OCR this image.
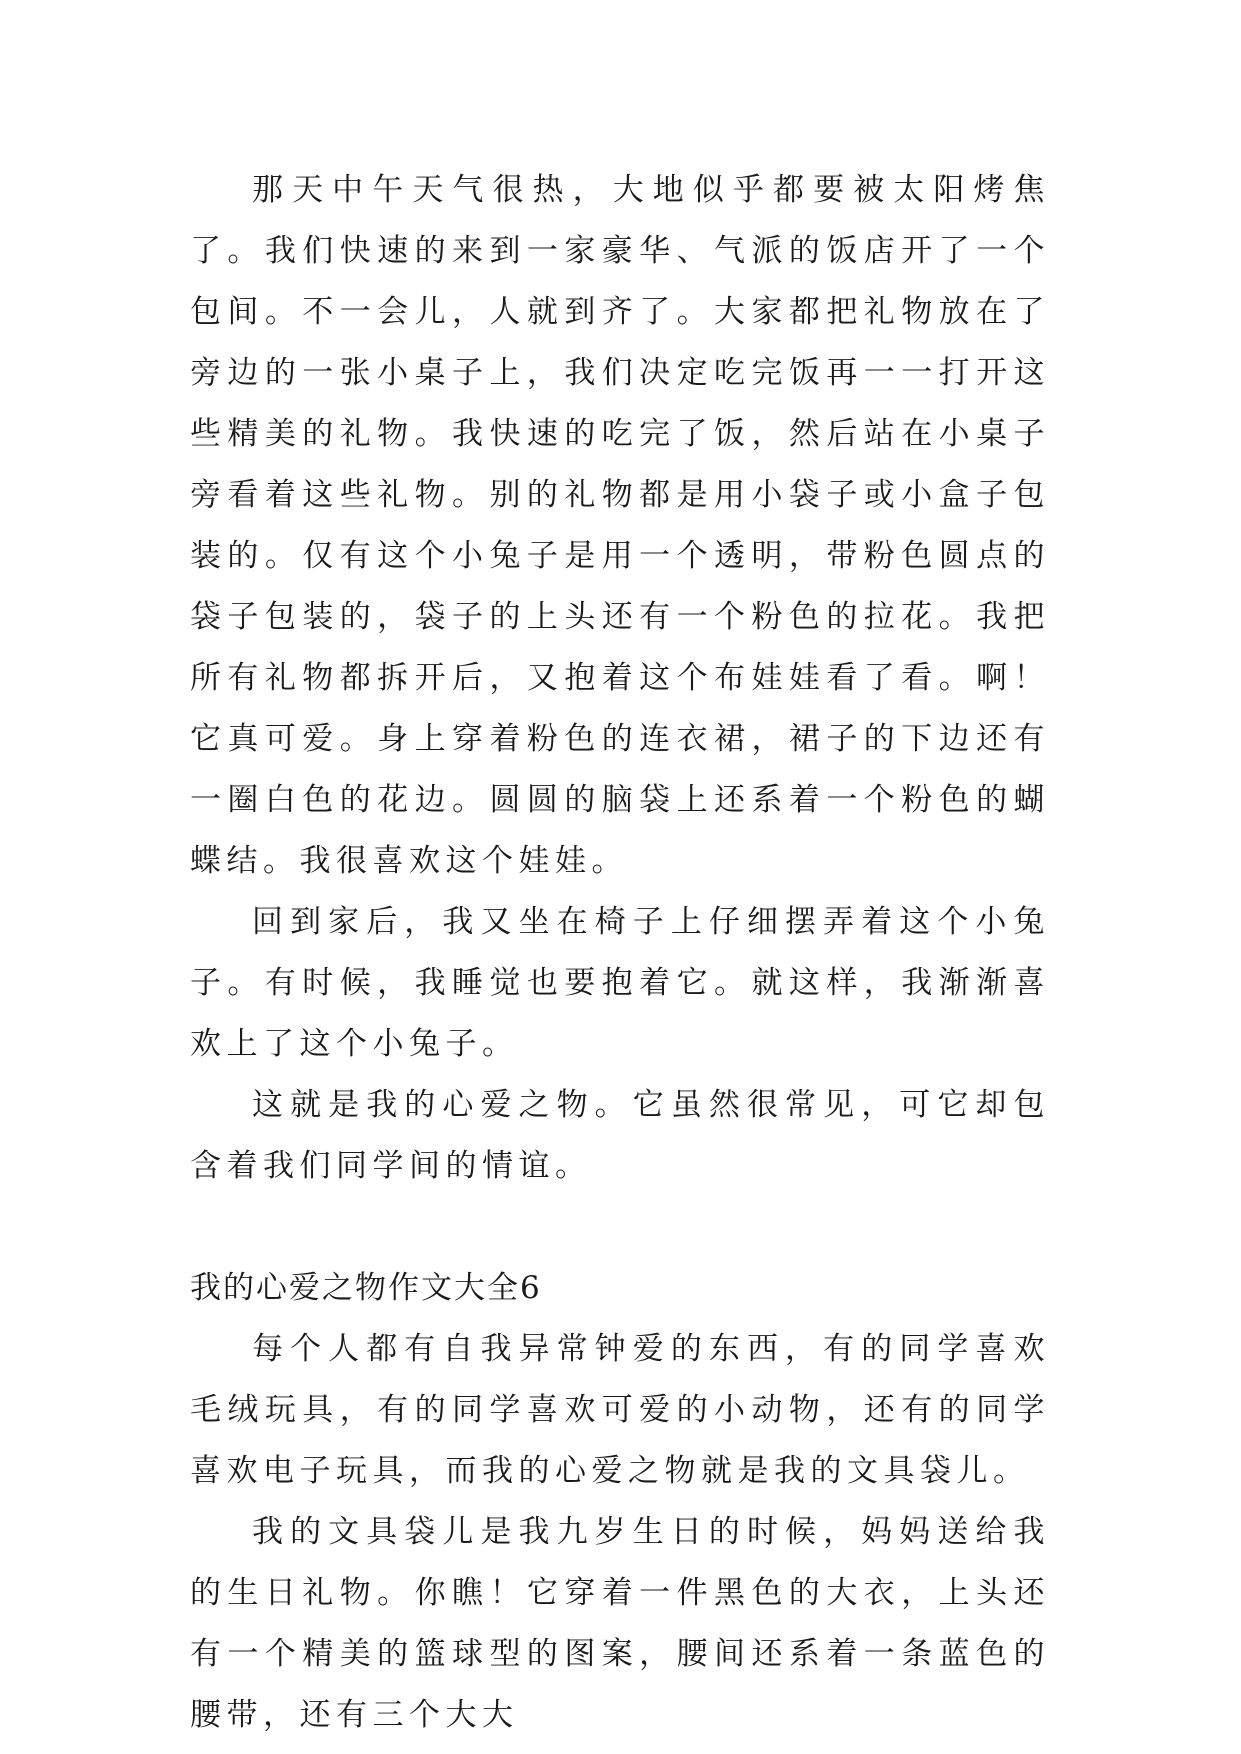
那天中午天气很热，大地似乎都要被太阳烤焦了。我们快速的来到一家豪华、气派的饭店开了一个包间。不一会儿，人就到齐了。大家都把礼物放在了旁边的一张小桌子上，我们决定吃完饭再一一打开这些精美的礼物。我快速的吃完了饭，然后站在小桌子旁看着这些礼物。别的礼物都是用小袋子或小盒子包装的。仅有这个小兔子是用一个透明，带粉色圆点的袋子包装的，袋子的上头还有一个粉色的拉花。我把所有礼物都拆开后，又抱着这个布娃娃看了看。啊！它真可爱。身上穿着粉色的连衣裙，裙子的下边还有一圈白色的花边。圆圆的脑袋上还系着一个粉色的蝴蝶结。我很喜欢这个娃娃。

回到家后，我又坐在椅子上仔细摆弄着这个小兔子。有时候，我睡觉也要抱着它。就这样，我渐渐喜欢上了这个小兔子。

这就是我的心爱之物。它虽然很常见，可它却包含着我们同学间的情谊。

我的心爱之物作文大全6

每个人都有自我异常钟爱的东西，有的同学喜欢毛绒玩具，有的同学喜欢可爱的小动物，还有的同学喜欢电子玩具，而我的心爱之物就是我的文具袋儿。

我的文具袋儿是我九岁生日的时候，妈妈送给我的生日礼物。你瞧！它穿着一件黑色的大衣，上头还有一个精美的篮球型的图案，腰间还系着一条蓝色的腰带，还有三个大大
